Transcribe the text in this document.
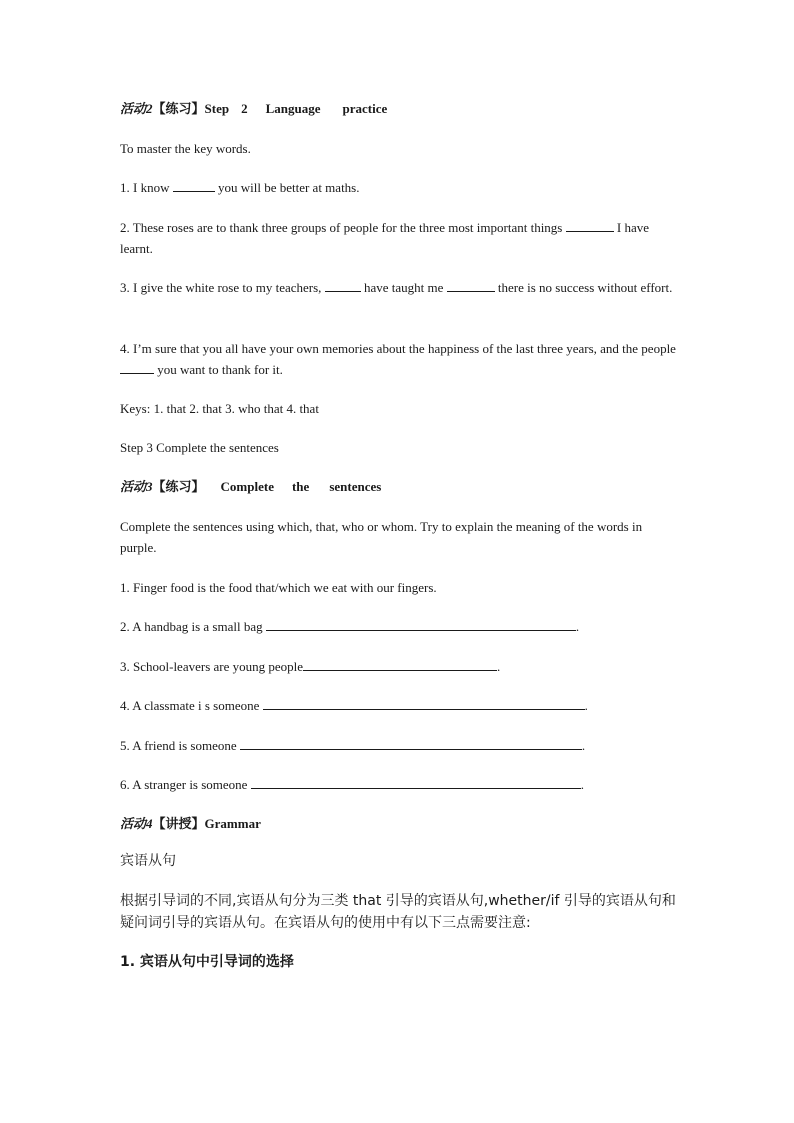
活动2【练习】Step 2 Language practice
To master the key words.
1. I know	you will be better at maths.
2. These roses are to thank three groups of people for the three most important things	I have learnt.
3. I give the white rose to my teachers,	have taught me	there is no success without effort.
4. I’m sure that you all have your own memories about the happiness of the last three years, and the people  you want to thank for it.
Keys: 1. that 2. that 3. who that 4. that
Step 3 Complete the sentences
活动3【练习】 Complete the sentences
Complete the sentences using which, that, who or whom. Try to explain the meaning of the words in purple.
1. Finger food is the food that/which we eat with our fingers.
2. A handbag is a small bag	.
3. School-leavers are young people	.
4. A classmate i s someone	.
5. A friend is someone	.
6. A stranger is someone	.
活动4【讲授】Grammar
宾语从句
根据引导词的不同,宾语从句分为三类 that 引导的宾语从句,whether/if 引导的宾语从句和疑问词引导的宾语从句。在宾语从句的使用中有以下三点需要注意:
1. 宾语从句中引导词的选择
